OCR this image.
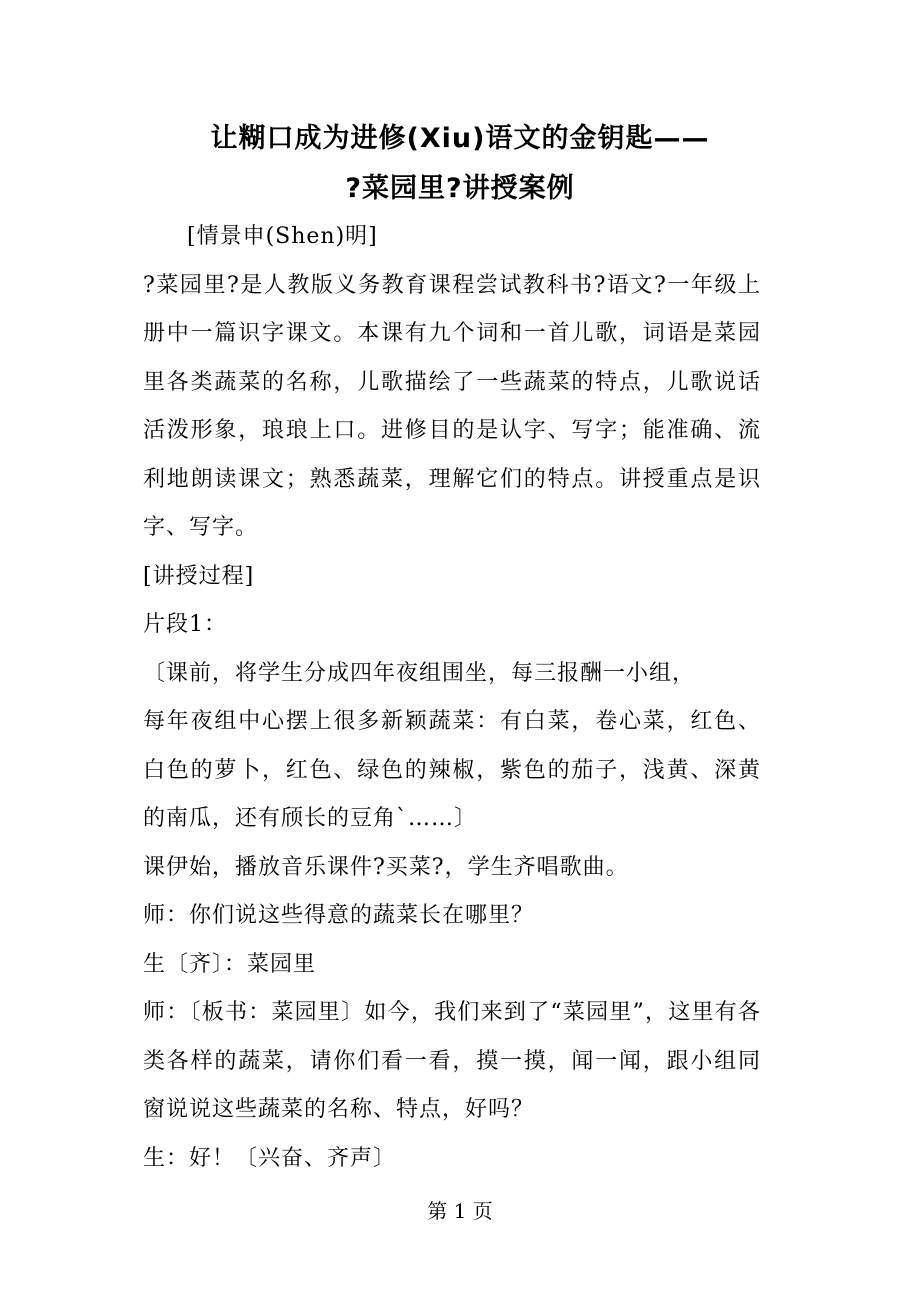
让糊口成为进修(Xiu)语文的金钥匙——
?菜园里?讲授案例

[情景申(Shen)明]

?菜园里?是人教版义务教育课程尝试教科书?语文?一年级上册中一篇识字课文。本课有九个词和一首儿歌，词语是菜园里各类蔬菜的名称，儿歌描绘了一些蔬菜的特点，儿歌说话活泼形象，琅琅上口。进修目的是认字、写字；能准确、流利地朗读课文；熟悉蔬菜，理解它们的特点。讲授重点是识字、写字。

[讲授过程]

片段1：

〔课前，将学生分成四年夜组围坐，每三报酬一小组，

每年夜组中心摆上很多新颖蔬菜：有白菜，卷心菜，红色、白色的萝卜，红色、绿色的辣椒，紫色的茄子，浅黄、深黄的南瓜，还有颀长的豆角`……〕

课伊始，播放音乐课件?买菜?，学生齐唱歌曲。

师：你们说这些得意的蔬菜长在哪里？

生〔齐〕：菜园里

师：〔板书：菜园里〕如今，我们来到了“菜园里”，这里有各类各样的蔬菜，请你们看一看，摸一摸，闻一闻，跟小组同窗说说这些蔬菜的名称、特点，好吗？

生：好！〔兴奋、齐声〕

第 1 页
